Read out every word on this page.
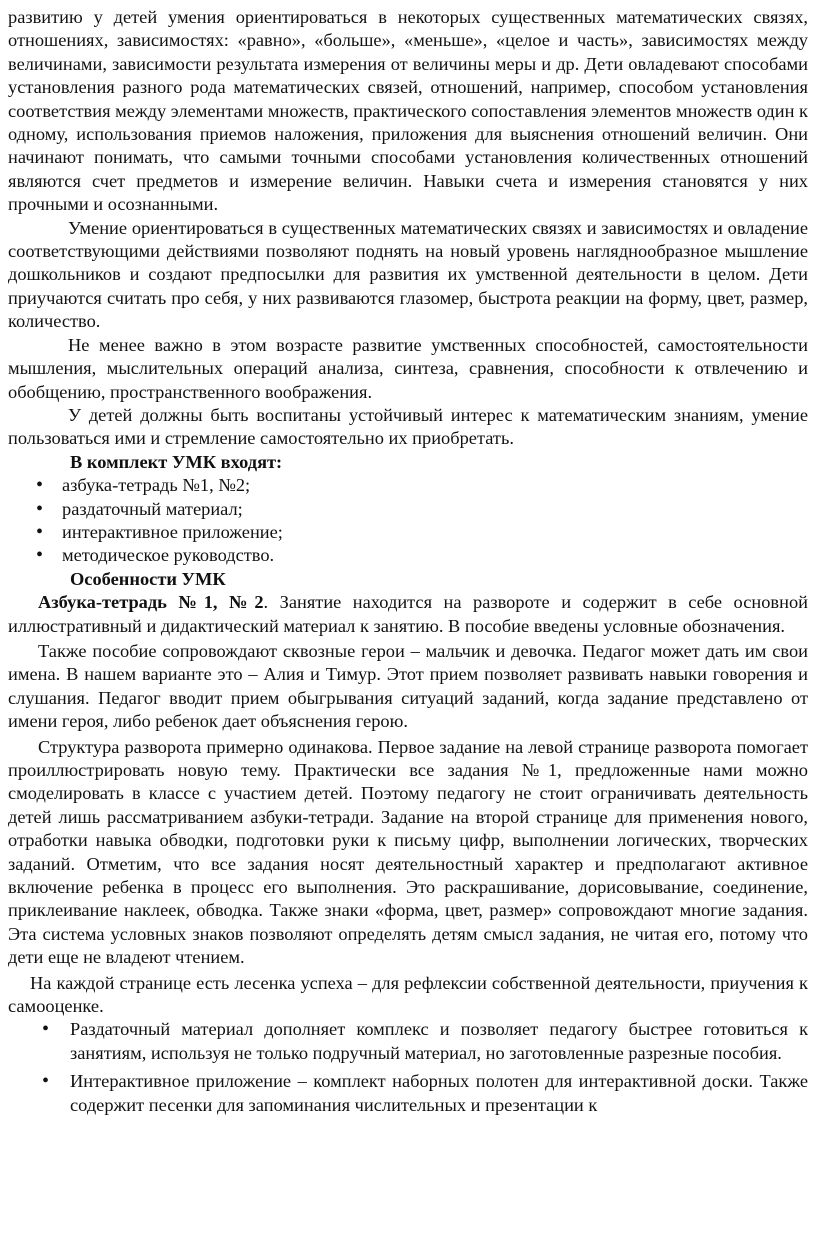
развитию у детей умения ориентироваться в некоторых существенных математических связях, отношениях, зависимостях: «равно», «больше», «меньше», «целое и часть», зависимостях между величинами, зависимости результата измерения от величины меры и др. Дети овладевают способами установления разного рода математических связей, отношений, например, способом установления соответствия между элементами множеств, практического сопоставления элементов множеств один к одному, использования приемов наложения, приложения для выяснения отношений величин. Они начинают понимать, что самыми точными способами установления количественных отношений являются счет предметов и измерение величин. Навыки счета и измерения становятся у них прочными и осознанными.

Умение ориентироваться в существенных математических связях и зависимостях и овладение соответствующими действиями позволяют поднять на новый уровень нагляднообразное мышление дошкольников и создают предпосылки для развития их умственной деятельности в целом. Дети приучаются считать про себя, у них развиваются глазомер, быстрота реакции на форму, цвет, размер, количество.

Не менее важно в этом возрасте развитие умственных способностей, самостоятельности мышления, мыслительных операций анализа, синтеза, сравнения, способности к отвлечению и обобщению, пространственного воображения.

У детей должны быть воспитаны устойчивый интерес к математическим знаниям, умение пользоваться ими и стремление самостоятельно их приобретать.

В комплект УМК входят:

• азбука-тетрадь №1, №2;
• раздаточный материал;
• интерактивное приложение;
• методическое руководство.

Особенности УМК

Азбука-тетрадь №1, №2. Занятие находится на развороте и содержит в себе основной иллюстративный и дидактический материал к занятию. В пособие введены условные обозначения.

Также пособие сопровождают сквозные герои – мальчик и девочка. Педагог может дать им свои имена. В нашем варианте это – Алия и Тимур. Этот прием позволяет развивать навыки говорения и слушания. Педагог вводит прием обыгрывания ситуаций заданий, когда задание представлено от имени героя, либо ребенок дает объяснения герою.

Структура разворота примерно одинакова. Первое задание на левой странице разворота помогает проиллюстрировать новую тему. Практически все задания №1, предложенные нами можно смоделировать в классе с участием детей. Поэтому педагогу не стоит ограничивать деятельность детей лишь рассматриванием азбуки-тетради. Задание на второй странице для применения нового, отработки навыка обводки, подготовки руки к письму цифр, выполнении логических, творческих заданий. Отметим, что все задания носят деятельностный характер и предполагают активное включение ребенка в процесс его выполнения. Это раскрашивание, дорисовывание, соединение, приклеивание наклеек, обводка. Также знаки «форма, цвет, размер» сопровождают многие задания. Эта система условных знаков позволяют определять детям смысл задания, не читая его, потому что дети еще не владеют чтением.

На каждой странице есть лесенка успеха – для рефлексии собственной деятельности, приучения к самооценке.

• Раздаточный материал дополняет комплекс и позволяет педагогу быстрее готовиться к занятиям, используя не только подручный материал, но заготовленные разрезные пособия.
• Интерактивное приложение – комплект наборных полотен для интерактивной доски. Также содержит песенки для запоминания числительных и презентации к
